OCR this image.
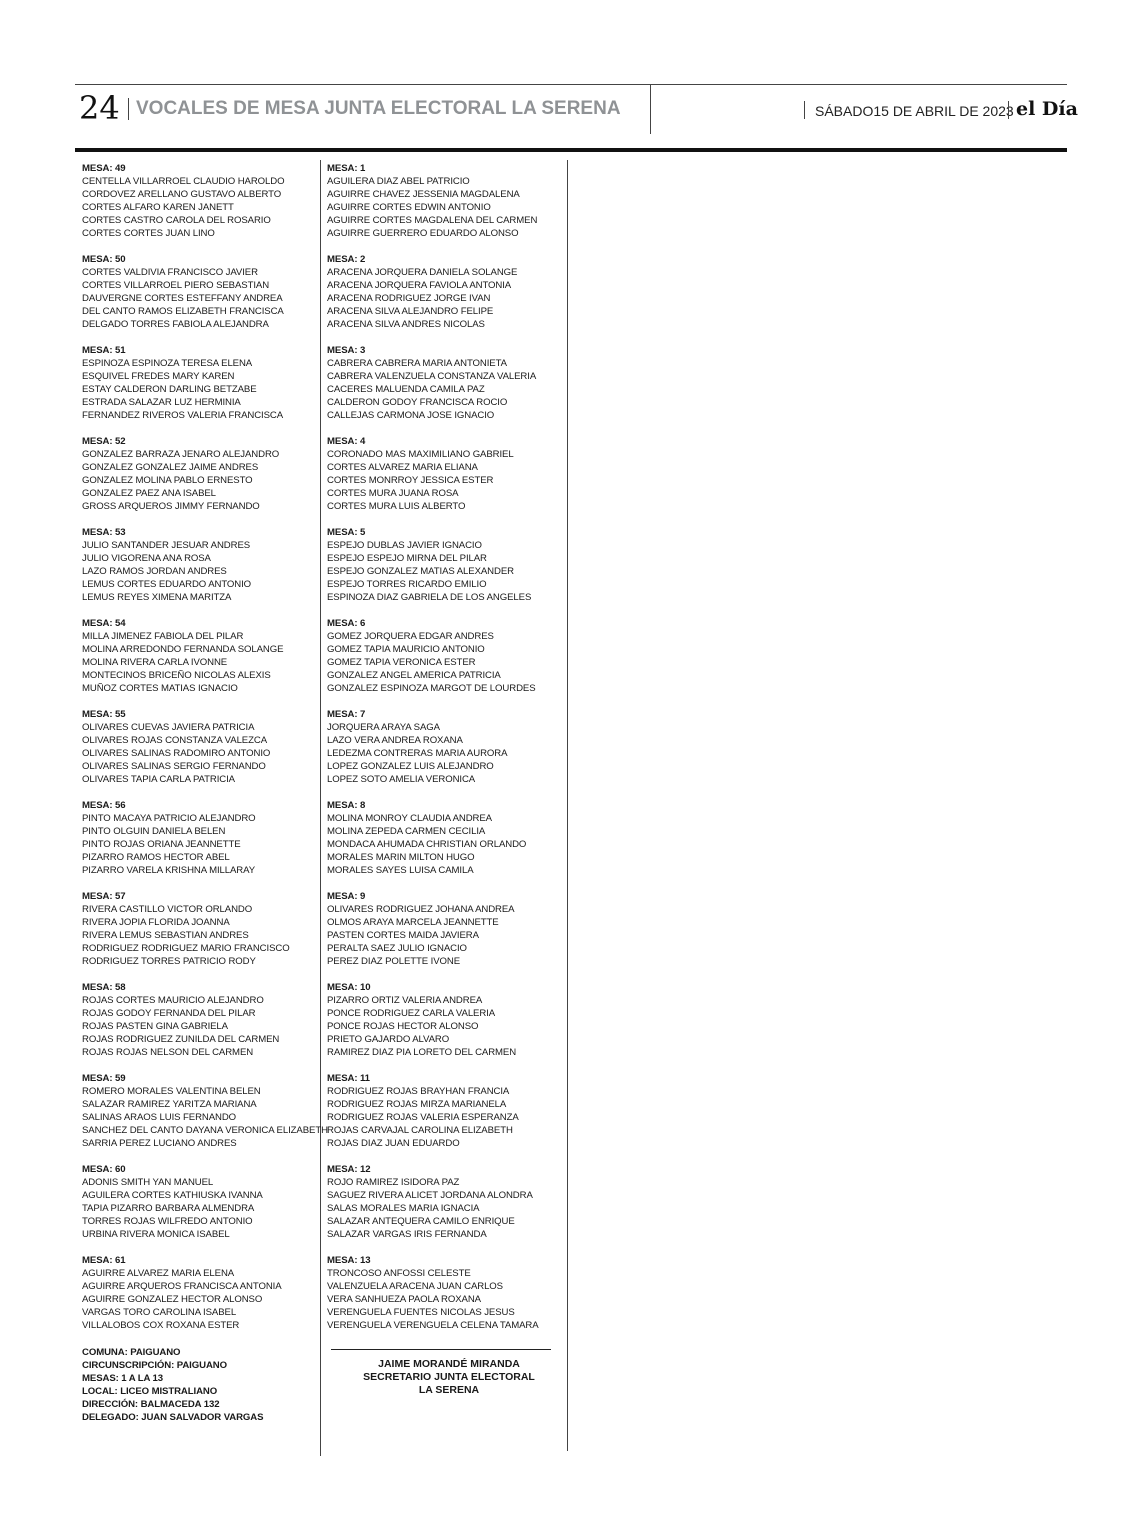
24 VOCALES DE MESA JUNTA ELECTORAL LA SERENA	SÁBADO15 DE ABRIL DE 2023 el Día
MESA: 49
CENTELLA VILLARROEL CLAUDIO HAROLDO
CORDOVEZ ARELLANO GUSTAVO ALBERTO
CORTES ALFARO KAREN JANETT
CORTES CASTRO CAROLA DEL ROSARIO
CORTES CORTES JUAN LINO
MESA: 50
CORTES VALDIVIA FRANCISCO JAVIER
CORTES VILLARROEL PIERO SEBASTIAN
DAUVERGNE CORTES ESTEFFANY ANDREA
DEL CANTO RAMOS ELIZABETH FRANCISCA
DELGADO TORRES FABIOLA ALEJANDRA
MESA: 51
ESPINOZA ESPINOZA TERESA ELENA
ESQUIVEL FREDES MARY KAREN
ESTAY CALDERON DARLING BETZABE
ESTRADA SALAZAR LUZ HERMINIA
FERNANDEZ RIVEROS VALERIA FRANCISCA
MESA: 52
GONZALEZ BARRAZA JENARO ALEJANDRO
GONZALEZ GONZALEZ JAIME ANDRES
GONZALEZ MOLINA PABLO ERNESTO
GONZALEZ PAEZ ANA ISABEL
GROSS ARQUEROS JIMMY FERNANDO
MESA: 53
JULIO SANTANDER JESUAR ANDRES
JULIO VIGORENA ANA ROSA
LAZO RAMOS JORDAN ANDRES
LEMUS CORTES EDUARDO ANTONIO
LEMUS REYES XIMENA MARITZA
MESA: 54
MILLA JIMENEZ FABIOLA DEL PILAR
MOLINA ARREDONDO FERNANDA SOLANGE
MOLINA RIVERA CARLA IVONNE
MONTECINOS BRICEÑO NICOLAS ALEXIS
MUÑOZ CORTES MATIAS IGNACIO
MESA: 55
OLIVARES CUEVAS JAVIERA PATRICIA
OLIVARES ROJAS CONSTANZA VALEZCA
OLIVARES SALINAS RADOMIRO ANTONIO
OLIVARES SALINAS SERGIO FERNANDO
OLIVARES TAPIA CARLA PATRICIA
MESA: 56
PINTO MACAYA PATRICIO ALEJANDRO
PINTO OLGUIN DANIELA BELEN
PINTO ROJAS ORIANA JEANNETTE
PIZARRO RAMOS HECTOR ABEL
PIZARRO VARELA KRISHNA MILLARAY
MESA: 57
RIVERA CASTILLO VICTOR ORLANDO
RIVERA JOPIA FLORIDA JOANNA
RIVERA LEMUS SEBASTIAN ANDRES
RODRIGUEZ RODRIGUEZ MARIO FRANCISCO
RODRIGUEZ TORRES PATRICIO RODY
MESA: 58
ROJAS CORTES MAURICIO ALEJANDRO
ROJAS GODOY FERNANDA DEL PILAR
ROJAS PASTEN GINA GABRIELA
ROJAS RODRIGUEZ ZUNILDA DEL CARMEN
ROJAS ROJAS NELSON DEL CARMEN
MESA: 59
ROMERO MORALES VALENTINA BELEN
SALAZAR RAMIREZ YARITZA MARIANA
SALINAS ARAOS LUIS FERNANDO
SANCHEZ DEL CANTO DAYANA VERONICA ELIZABETH
SARRIA PEREZ LUCIANO ANDRES
MESA: 60
ADONIS SMITH YAN MANUEL
AGUILERA CORTES KATHIUSKA IVANNA
TAPIA PIZARRO BARBARA ALMENDRA
TORRES ROJAS WILFREDO ANTONIO
URBINA RIVERA MONICA ISABEL
MESA: 61
AGUIRRE ALVAREZ MARIA ELENA
AGUIRRE ARQUEROS FRANCISCA ANTONIA
AGUIRRE GONZALEZ HECTOR ALONSO
VARGAS TORO CAROLINA ISABEL
VILLALOBOS COX ROXANA ESTER
MESA: 1
AGUILERA DIAZ ABEL PATRICIO
AGUIRRE CHAVEZ JESSENIA MAGDALENA
AGUIRRE CORTES EDWIN ANTONIO
AGUIRRE CORTES MAGDALENA DEL CARMEN
AGUIRRE GUERRERO EDUARDO ALONSO
MESA: 2
ARACENA JORQUERA DANIELA SOLANGE
ARACENA JORQUERA FAVIOLA ANTONIA
ARACENA RODRIGUEZ JORGE IVAN
ARACENA SILVA ALEJANDRO FELIPE
ARACENA SILVA ANDRES NICOLAS
MESA: 3
CABRERA CABRERA MARIA ANTONIETA
CABRERA VALENZUELA CONSTANZA VALERIA
CACERES MALUENDA CAMILA PAZ
CALDERON GODOY FRANCISCA ROCIO
CALLEJAS CARMONA JOSE IGNACIO
MESA: 4
CORONADO MAS MAXIMILIANO GABRIEL
CORTES ALVAREZ MARIA ELIANA
CORTES MONRROY JESSICA ESTER
CORTES MURA JUANA ROSA
CORTES MURA LUIS ALBERTO
MESA: 5
ESPEJO DUBLAS JAVIER IGNACIO
ESPEJO ESPEJO MIRNA DEL PILAR
ESPEJO GONZALEZ MATIAS ALEXANDER
ESPEJO TORRES RICARDO EMILIO
ESPINOZA DIAZ GABRIELA DE LOS ANGELES
MESA: 6
GOMEZ JORQUERA EDGAR ANDRES
GOMEZ TAPIA MAURICIO ANTONIO
GOMEZ TAPIA VERONICA ESTER
GONZALEZ ANGEL AMERICA PATRICIA
GONZALEZ ESPINOZA MARGOT DE LOURDES
MESA: 7
JORQUERA ARAYA SAGA
LAZO VERA ANDREA ROXANA
LEDEZMA CONTRERAS MARIA AURORA
LOPEZ GONZALEZ LUIS ALEJANDRO
LOPEZ SOTO AMELIA VERONICA
MESA: 8
MOLINA MONROY CLAUDIA ANDREA
MOLINA ZEPEDA CARMEN CECILIA
MONDACA AHUMADA CHRISTIAN ORLANDO
MORALES MARIN MILTON HUGO
MORALES SAYES LUISA CAMILA
MESA: 9
OLIVARES RODRIGUEZ JOHANA ANDREA
OLMOS ARAYA MARCELA JEANNETTE
PASTEN CORTES MAIDA JAVIERA
PERALTA SAEZ JULIO IGNACIO
PEREZ DIAZ POLETTE IVONE
MESA: 10
PIZARRO ORTIZ VALERIA ANDREA
PONCE RODRIGUEZ CARLA VALERIA
PONCE ROJAS HECTOR ALONSO
PRIETO GAJARDO ALVARO
RAMIREZ DIAZ PIA LORETO DEL CARMEN
MESA: 11
RODRIGUEZ ROJAS BRAYHAN FRANCIA
RODRIGUEZ ROJAS MIRZA MARIANELA
RODRIGUEZ ROJAS VALERIA ESPERANZA
ROJAS CARVAJAL CAROLINA ELIZABETH
ROJAS DIAZ JUAN EDUARDO
MESA: 12
ROJO RAMIREZ ISIDORA PAZ
SAGUEZ RIVERA ALICET JORDANA ALONDRA
SALAS MORALES MARIA IGNACIA
SALAZAR ANTEQUERA CAMILO ENRIQUE
SALAZAR VARGAS IRIS FERNANDA
MESA: 13
TRONCOSO ANFOSSI CELESTE
VALENZUELA ARACENA JUAN CARLOS
VERA SANHUEZA PAOLA ROXANA
VERENGUELA FUENTES NICOLAS JESUS
VERENGUELA VERENGUELA CELENA TAMARA
COMUNA: PAIGUANO
CIRCUNSCRIPCIÓN: PAIGUANO
MESAS: 1 A LA 13
LOCAL: LICEO MISTRALIANO
DIRECCIÓN: BALMACEDA 132
DELEGADO: JUAN SALVADOR VARGAS
JAIME MORANDÉ MIRANDA
SECRETARIO JUNTA ELECTORAL
LA SERENA
